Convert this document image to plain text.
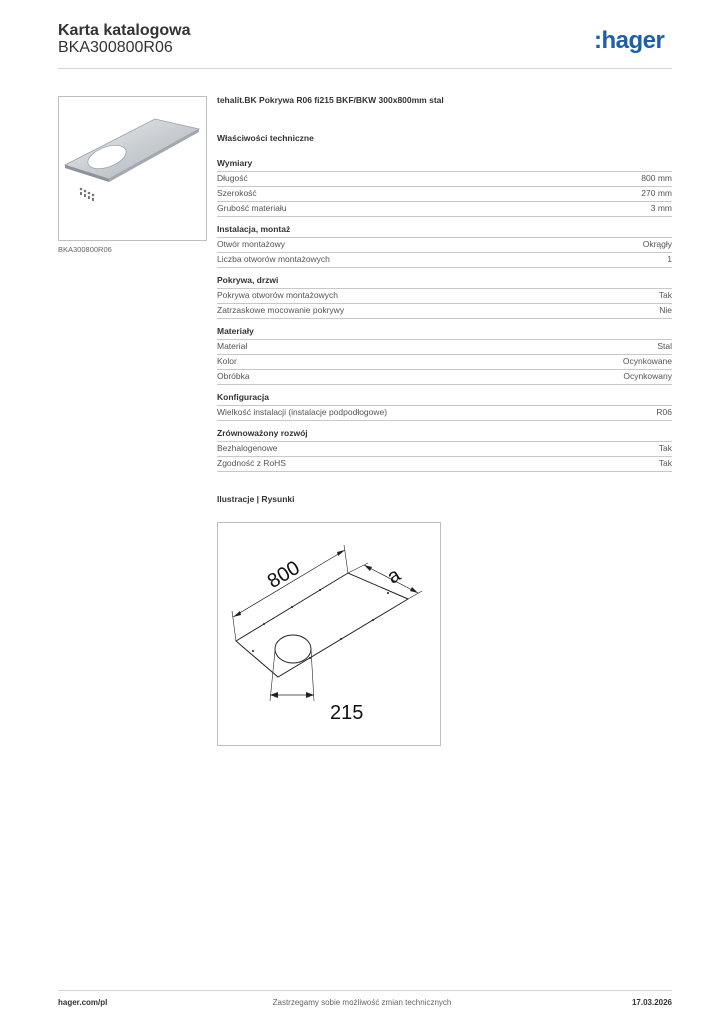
Karta katalogowa
BKA300800R06	:hager
BKA300800R06
tehalit.BK Pokrywa R06 fi215 BKF/BKW 300x800mm stal
Właściwości techniczne
Wymiary
Długość	800 mm
Szerokość	270 mm
Grubość materiału	3 mm
Instalacja, montaż
Otwór montażowy	Okrągły
Liczba otworów montażowych	1
Pokrywa, drzwi
Pokrywa otworów montażowych	Tak
Zatrzaskowe mocowanie pokrywy	Nie
Materiały
Materiał	Stal
Kolor	Ocynkowane
Obróbka	Ocynkowany
Konfiguracja
Wielkość instalacji (instalacje podpodłogowe)	R06
Zrównoważony rozwój
Bezhalogenowe	Tak
Zgodność z RoHS	Tak
Ilustracje | Rysunki
800	a
215
hager.com/pl	Zastrzegamy sobie możliwość zmian technicznych	17.03.2026
